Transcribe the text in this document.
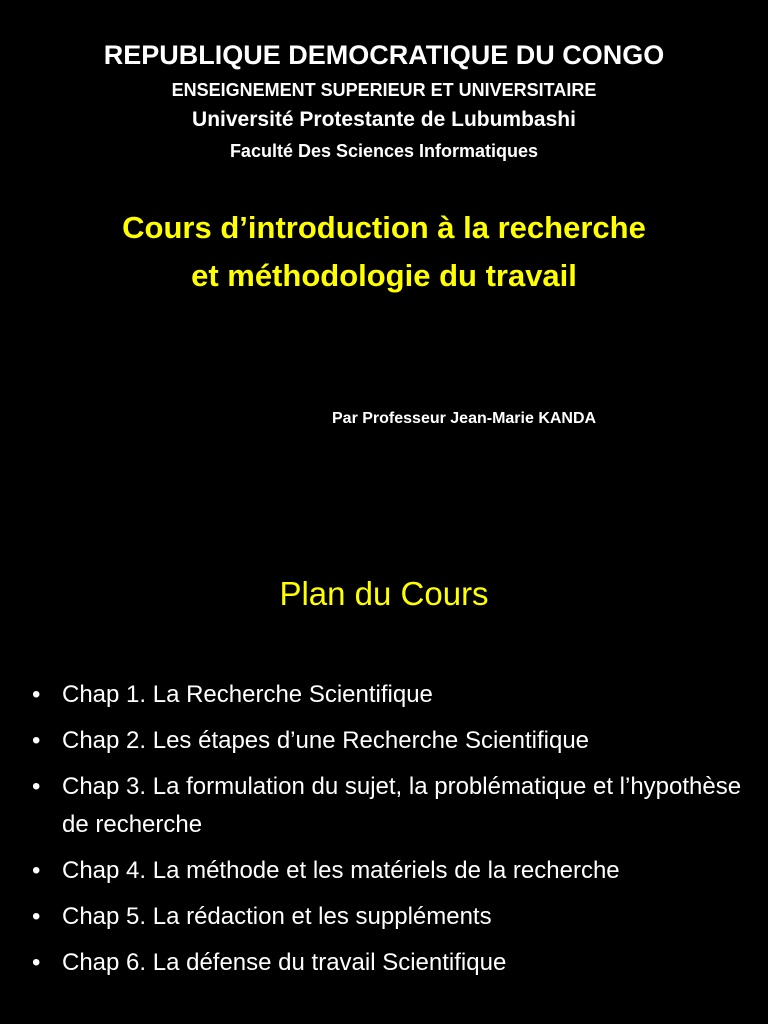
REPUBLIQUE DEMOCRATIQUE DU CONGO
ENSEIGNEMENT SUPERIEUR ET UNIVERSITAIRE
Université Protestante de Lubumbashi
Faculté Des Sciences Informatiques
Cours d’introduction à la recherche
et méthodologie du travail
Par Professeur Jean-Marie KANDA
Plan du Cours
• Chap 1. La Recherche Scientifique
• Chap 2. Les étapes d’une Recherche Scientifique
• Chap 3. La formulation du sujet, la problématique et l’hypothèse de recherche
• Chap 4. La méthode et les matériels de la recherche
• Chap 5. La rédaction et les suppléments
• Chap 6. La défense du travail Scientifique
